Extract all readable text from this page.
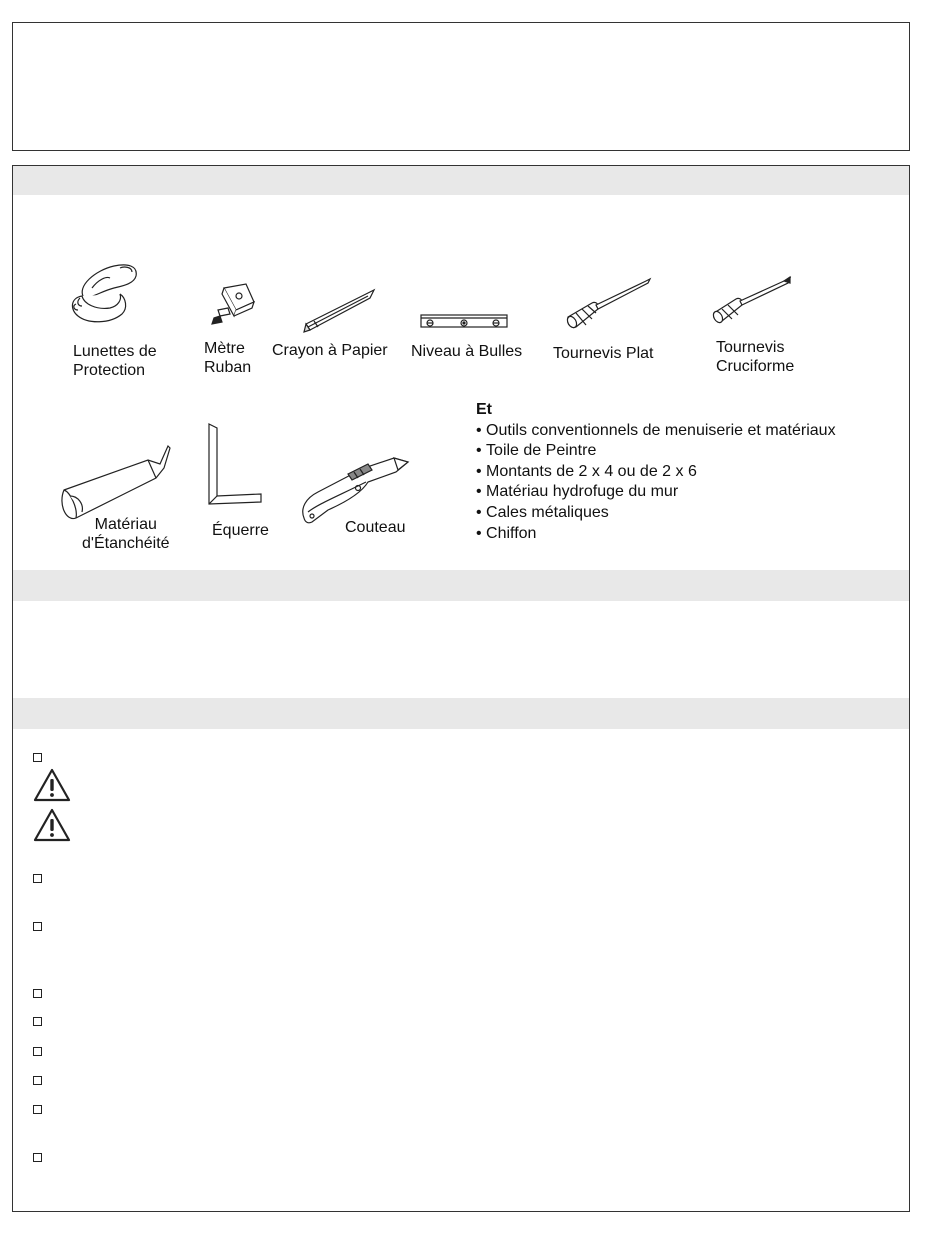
Lunettes de
Protection
Mètre
Ruban
Crayon à Papier Niveau à Bulles Tournevis Plat	Tournevis
Cruciforme
Matériau
d'Étanchéité
Équerre	Couteau
Et
• Outils conventionnels de menuiserie et matériaux
• Toile de Peintre
• Montants de 2 x 4 ou de 2 x 6
• Matériau hydrofuge du mur
• Cales métaliques
• Chiffon
